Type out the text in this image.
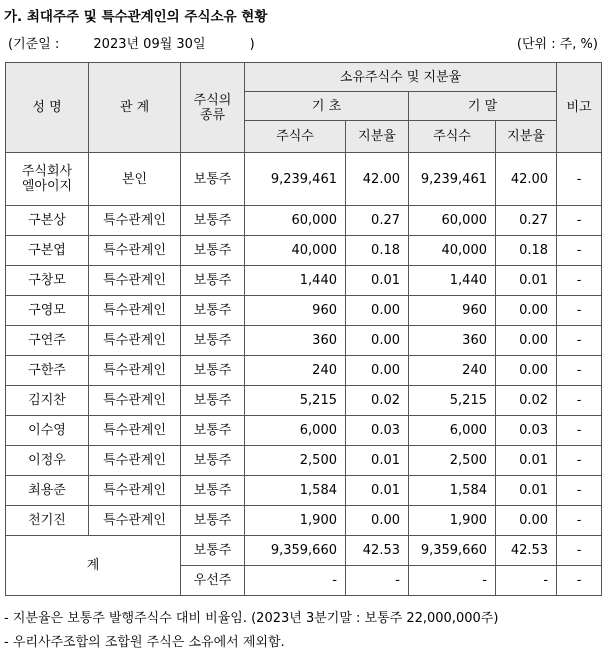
가. 최대주주 및 특수관계인의 주식소유 현황
(기준일 :	2023년 09월 30일	)	(단위 : 주, %)
성 명	관 계	주식의 종류	소유주식수 및 지분율				비고
			기 초		기 말		
			주식수	지분율	주식수	지분율	
주식회사 엘아이지	본인	보통주	9,239,461	42.00	9,239,461	42.00	-
구본상	특수관계인	보통주	60,000	0.27	60,000	0.27	-
구본엽	특수관계인	보통주	40,000	0.18	40,000	0.18	-
구창모	특수관계인	보통주	1,440	0.01	1,440	0.01	-
구영모	특수관계인	보통주	960	0.00	960	0.00	-
구연주	특수관계인	보통주	360	0.00	360	0.00	-
구한주	특수관계인	보통주	240	0.00	240	0.00	-
김지찬	특수관계인	보통주	5,215	0.02	5,215	0.02	-
이수영	특수관계인	보통주	6,000	0.03	6,000	0.03	-
이정우	특수관계인	보통주	2,500	0.01	2,500	0.01	-
최용준	특수관계인	보통주	1,584	0.01	1,584	0.01	-
천기진	특수관계인	보통주	1,900	0.00	1,900	0.00	-
계		보통주	9,359,660	42.53	9,359,660	42.53	-
		우선주	-	-	-	-	-
- 지분율은 보통주 발행주식수 대비 비율임. (2023년 3분기말 : 보통주 22,000,000주)
- 우리사주조합의 조합원 주식은 소유에서 제외함.
